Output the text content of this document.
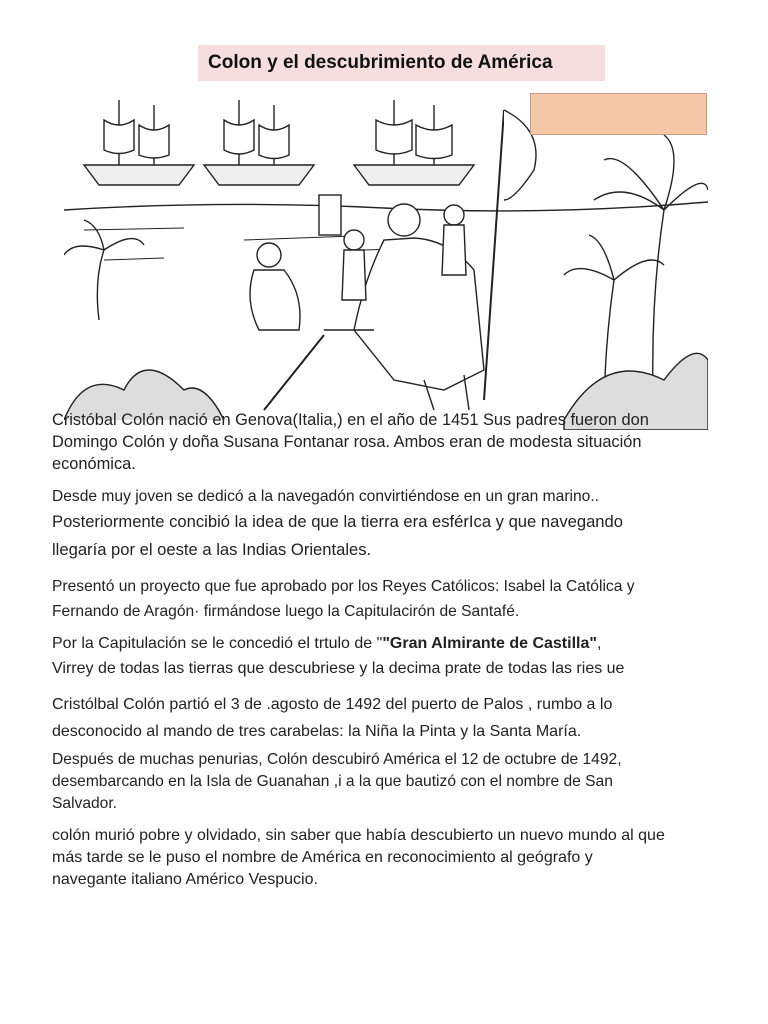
Colon y el descubrimiento de América

Cristóbal Colón nació en Genova(Italia,) en el año de 1451 Sus padres fueron don

Domingo Colón y doña Susana Fontanar rosa. Ambos eran de modesta situación

económica.

Desde muy joven se dedicó a la navegadón convirtiéndose en un gran marino..

Posteriormente concibió la idea de que la tierra era esférIca y que navegando

llegaría por el oeste a las Indias Orientales.

Presentó un proyecto que fue aprobado por los Reyes Católicos: Isabel la Católica y

Fernando de Aragón· firmándose luego la Capitulacirón de Santafé.

Por la Capitulación se le concedió el trtulo de ""Gran Almirante de Castilla",

Virrey de todas las tierras que descubriese y la decima prate de todas las ries ue

Cristólbal Colón partió el 3 de .agosto de 1492 del puerto de Palos , rumbo a lo

desconocido al mando de tres carabelas: la Niña la Pinta y la Santa María.

Después de muchas penurias, Colón descubiró América el 12 de octubre de 1492,

desembarcando en la Isla de Guanahan ,i a la que bautizó con el nombre de San

Salvador.

colón murió pobre y olvidado, sin saber que había descubierto un nuevo mundo al que

más tarde se le puso el nombre de América en reconocimiento al geógrafo y

navegante italiano Américo Vespucio.
